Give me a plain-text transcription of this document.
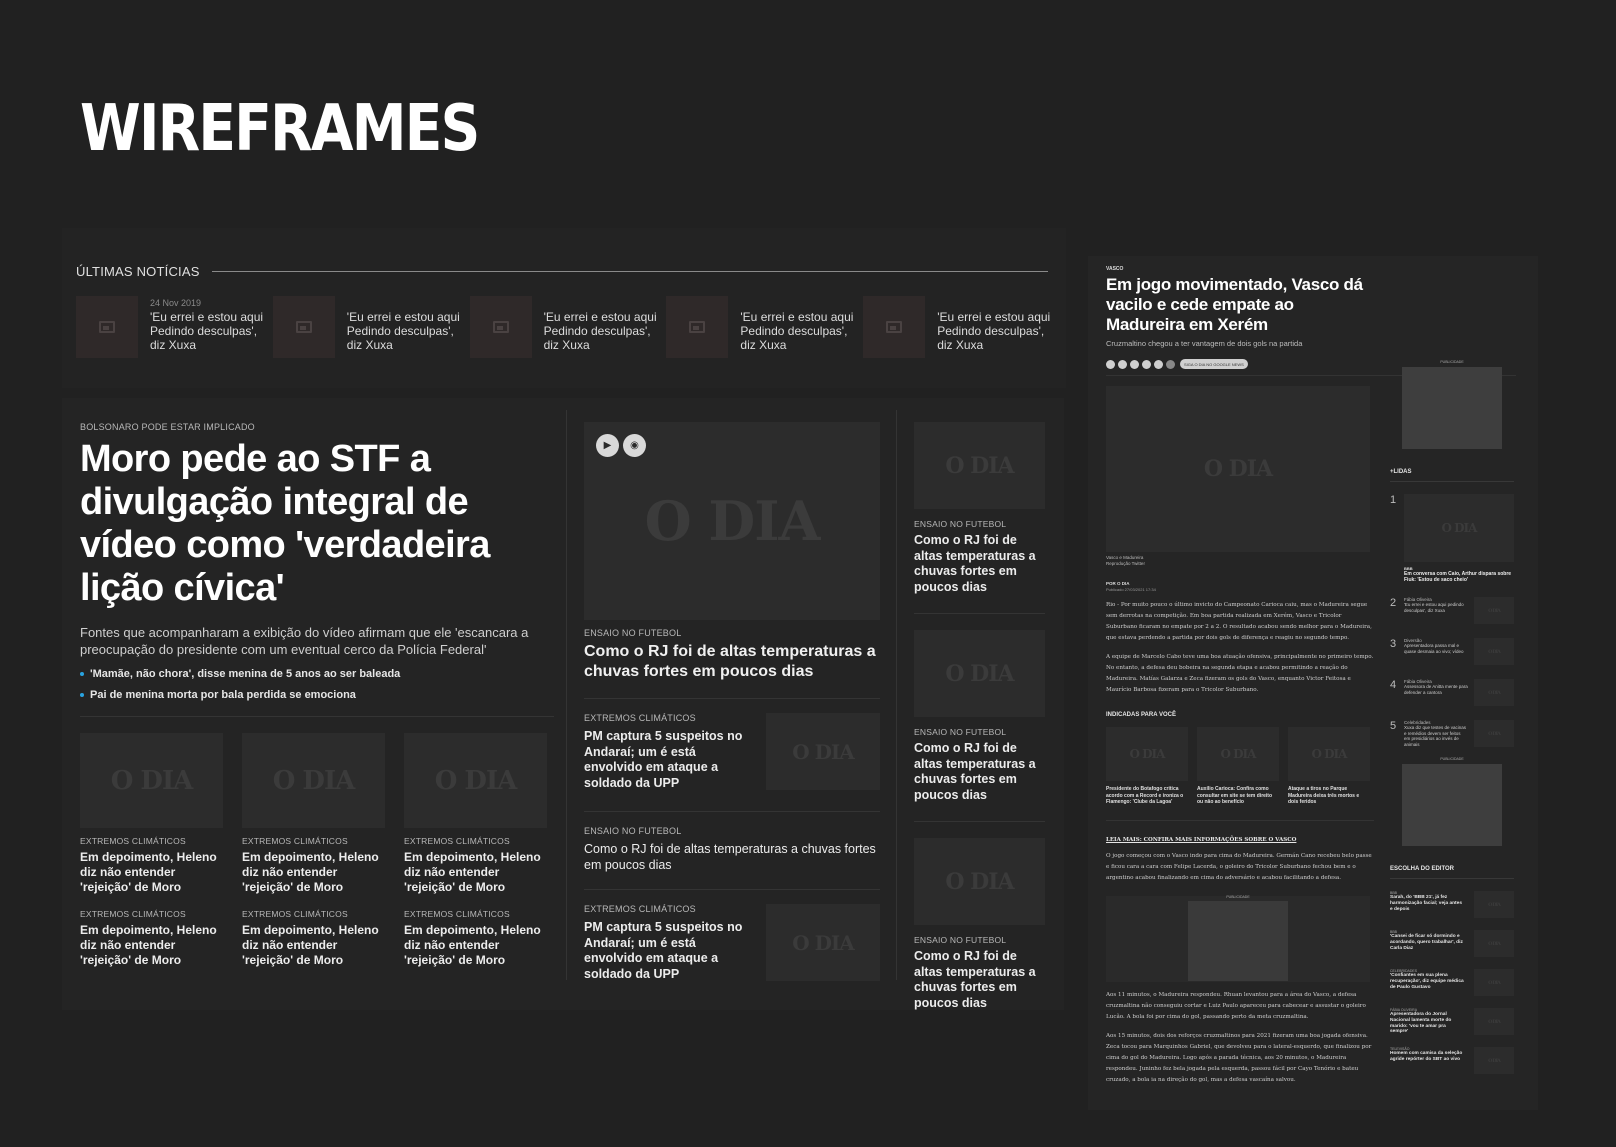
WIREFRAMES
ÚLTIMAS NOTÍCIAS
24 Nov 2019
'Eu errei e estou aqui Pedindo desculpas', diz Xuxa
'Eu errei e estou aqui Pedindo desculpas', diz Xuxa
'Eu errei e estou aqui Pedindo desculpas', diz Xuxa
'Eu errei e estou aqui Pedindo desculpas', diz Xuxa
'Eu errei e estou aqui Pedindo desculpas', diz Xuxa
BOLSONARO PODE ESTAR IMPLICADO
Moro pede ao STF a divulgação integral de vídeo como 'verdadeira lição cívica'
Fontes que acompanharam a exibição do vídeo afirmam que ele 'escancara a preocupação do presidente com um eventual cerco da Polícia Federal'
'Mamãe, não chora', disse menina de 5 anos ao ser baleada
Pai de menina morta por bala perdida se emociona
O DIA
EXTREMOS CLIMÁTICOS
Em depoimento, Heleno diz não entender 'rejeição' de Moro
O DIA
EXTREMOS CLIMÁTICOS
Em depoimento, Heleno diz não entender 'rejeição' de Moro
O DIA
EXTREMOS CLIMÁTICOS
Em depoimento, Heleno diz não entender 'rejeição' de Moro
EXTREMOS CLIMÁTICOS
Em depoimento, Heleno diz não entender 'rejeição' de Moro
EXTREMOS CLIMÁTICOS
Em depoimento, Heleno diz não entender 'rejeição' de Moro
EXTREMOS CLIMÁTICOS
Em depoimento, Heleno diz não entender 'rejeição' de Moro
O DIA
▶	◉
ENSAIO NO FUTEBOL
Como o RJ foi de altas temperaturas a chuvas fortes em poucos dias
EXTREMOS CLIMÁTICOS
PM captura 5 suspeitos no Andaraí; um é está envolvido em ataque a soldado da UPP
O DIA
ENSAIO NO FUTEBOL
Como o RJ foi de altas temperaturas a chuvas fortes em poucos dias
EXTREMOS CLIMÁTICOS
PM captura 5 suspeitos no Andaraí; um é está envolvido em ataque a soldado da UPP
O DIA
O DIA
ENSAIO NO FUTEBOL
Como o RJ foi de altas temperaturas a chuvas fortes em poucos dias
O DIA
ENSAIO NO FUTEBOL
Como o RJ foi de altas temperaturas a chuvas fortes em poucos dias
O DIA
ENSAIO NO FUTEBOL
Como o RJ foi de altas temperaturas a chuvas fortes em poucos dias
VASCO
Em jogo movimentado, Vasco dá vacilo e cede empate ao Madureira em Xerém
Cruzmaltino chegou a ter vantagem de dois gols na partida
SIGA O DIA NO GOOGLE NEWS
O DIA
Vasco e Madureira
Reprodução Twitter
POR O DIA
Publicado 27/03/2021 17:34

Rio - Por muito pouco o último invicto do Campeonato Carioca caiu, mas o Madureira segue sem derrotas na competição. Em boa partida realizada em Xerém, Vasco e Tricolor Suburbano ficaram no empate por 2 a 2. O resultado acabou sendo melhor para o Madureira, que estava perdendo a partida por dois gols de diferença e reagiu no segundo tempo.

A equipe de Marcelo Cabo teve uma boa atuação ofensiva, principalmente no primeiro tempo. No entanto, a defesa deu bobeira na segunda etapa e acabou permitindo a reação do Madureira. Matías Galarza e Zeca fizeram os gols do Vasco, enquanto Victor Feitosa e Maurício Barbosa fizeram para o Tricolor Suburbano.

INDICADAS PARA VOCÊ
O DIA
Presidente do Botafogo critica acordo com a Record e ironiza o Flamengo: 'Clube da Lagoa'
O DIA
Auxílio Carioca: Confira como consultar em site se tem direito ou não ao benefício
O DIA
Ataque a tiros no Parque Madureira deixa três mortos e dois feridos
LEIA MAIS: CONFIRA MAIS INFORMAÇÕES SOBRE O VASCO

O jogo começou com o Vasco indo para cima do Madureira. Germán Cano recebeu belo passe e ficou cara a cara com Felipe Lacerda, o goleiro do Tricolor Suburbano fechou bem e o argentino acabou finalizando em cima do adversário e acabou facilitando a defesa.

PUBLICIDADE

Aos 11 minutos, o Madureira respondeu. Rhuan levantou para a área do Vasco, a defesa cruzmaltina não conseguiu cortar e Luiz Paulo apareceu para cabecear e assustar o goleiro Lucão. A bola foi por cima do gol, passando perto da meta cruzmaltina.

Aos 15 minutos, dois dos reforços cruzmaltinos para 2021 fizeram uma boa jogada ofensiva. Zeca tocou para Marquinhos Gabriel, que devolveu para o lateral-esquerdo, que finalizou por cima do gol do Madureira. Logo após a parada técnica, aos 20 minutos, o Madureira respondeu. Juninho fez bela jogada pela esquerda, passou fácil por Cayo Tenório e bateu cruzado, a bola ia na direção do gol, mas a defesa vascaína salvou.

PUBLICIDADE
+LIDAS
1
O DIA
BBB
Em conversa com Caio, Arthur dispara sobre Fiuk: 'Estou de saco cheio'
2	Fábia Oliveira
'Eu errei e estou aqui pedindo desculpas', diz Xuxa	O DIA
3	Diversão
Apresentadora passa mal e quase desmaia ao vivo; vídeo	O DIA
4	Fábia Oliveira
Assessora de Anitta mente para defender a cantora	O DIA
5	Celebridades
Xuxa diz que testes de vacinas e remédios devem ser feitos em presidiários ao invés de animais
O DIA
PUBLICIDADE
ESCOLHA DO EDITOR
BBB
Sarah, do 'BBB 21', já fez harmonização facial; veja antes e depois
O DIA
BBB
'Cansei de ficar só dormindo e acordando, quero trabalhar', diz Carla Diaz
O DIA
CELEBRIDADES
'Confiantes em sua plena recuperação', diz equipe médica de Paulo Gustavo
O DIA
FÁBIA OLIVEIRA
Apresentadora do Jornal Nacional lamenta morte do marido: 'vou te amar pra sempre'
O DIA
TELEVISÃO
Homem com camisa da seleção agride repórter do SBT ao vivo	O DIA
